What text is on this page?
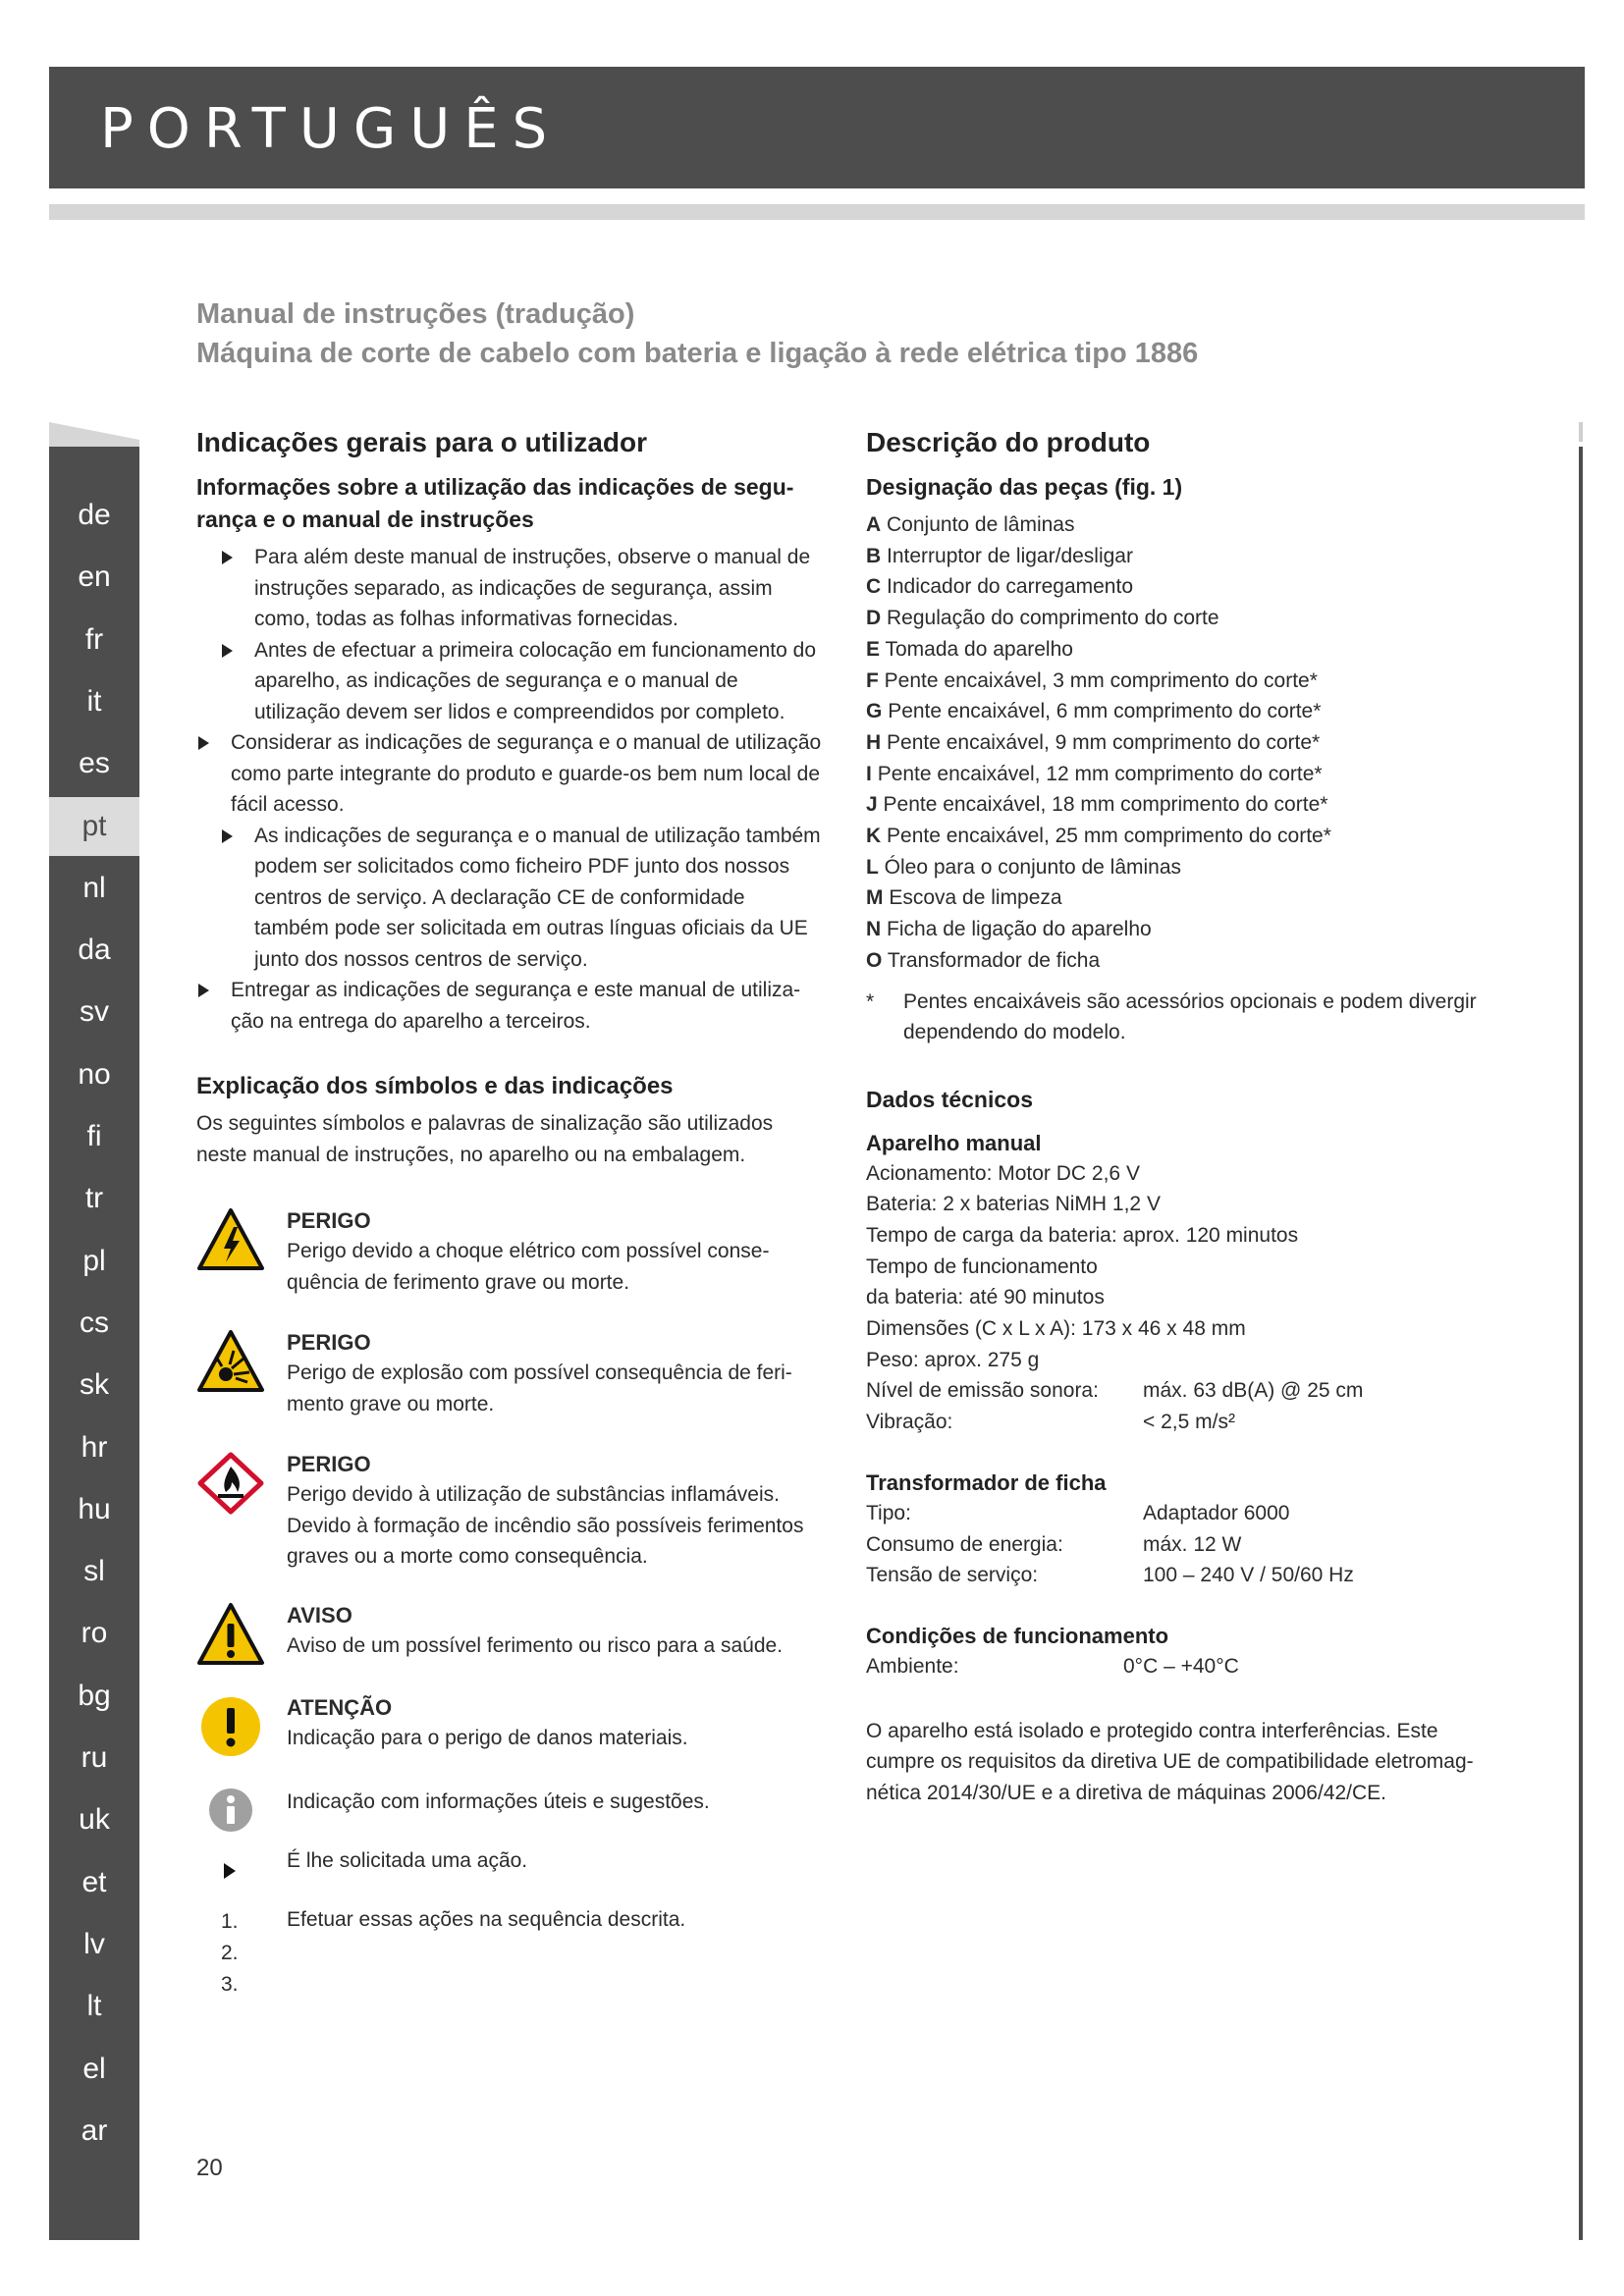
PORTUGUÊS
Manual de instruções (tradução)
Máquina de corte de cabelo com bateria e ligação à rede elétrica tipo 1886
de
en
fr
it
es
pt
nl
da
sv
no
fi
tr
pl
cs
sk
hr
hu
sl
ro
bg
ru
uk
et
lv
lt
el
ar
Indicações gerais para o utilizador
Informações sobre a utilização das indicações de segu-
rança e o manual de instruções
Para além deste manual de instruções, observe o manual de instruções separado, as indicações de segurança, assim como, todas as folhas informativas fornecidas.
Antes de efectuar a primeira colocação em funcionamento do aparelho, as indicações de segurança e o manual de utilização devem ser lidos e compreendidos por completo.
Considerar as indicações de segurança e o manual de utilização como parte integrante do produto e guarde-os bem num local de fácil acesso.
As indicações de segurança e o manual de utilização também podem ser solicitados como ficheiro PDF junto dos nossos centros de serviço. A declaração CE de conformidade também pode ser solicitada em outras línguas oficiais da UE junto dos nossos centros de serviço.
Entregar as indicações de segurança e este manual de utiliza-ção na entrega do aparelho a terceiros.
Explicação dos símbolos e das indicações

Os seguintes símbolos e palavras de sinalização são utilizados neste manual de instruções, no aparelho ou na embalagem.

PERIGO
Perigo devido a choque elétrico com possível conse-quência de ferimento grave ou morte.
PERIGO
Perigo de explosão com possível consequência de feri-mento grave ou morte.
PERIGO
Perigo devido à utilização de substâncias inflamáveis. Devido à formação de incêndio são possíveis ferimentos graves ou a morte como consequência.
AVISO
Aviso de um possível ferimento ou risco para a saúde.
ATENÇÃO
Indicação para o perigo de danos materiais.
Indicação com informações úteis e sugestões.
É lhe solicitada uma ação.
1.
2.
3.
Efetuar essas ações na sequência descrita.
20
Descrição do produto
Designação das peças (fig. 1)
A Conjunto de lâminas
B Interruptor de ligar/desligar
C Indicador do carregamento
D Regulação do comprimento do corte
E Tomada do aparelho
F Pente encaixável, 3 mm comprimento do corte*
G Pente encaixável, 6 mm comprimento do corte*
H Pente encaixável, 9 mm comprimento do corte*
I Pente encaixável, 12 mm comprimento do corte*
J Pente encaixável, 18 mm comprimento do corte*
K Pente encaixável, 25 mm comprimento do corte*
L Óleo para o conjunto de lâminas
M Escova de limpeza
N Ficha de ligação do aparelho
O Transformador de ficha
* Pentes encaixáveis são acessórios opcionais e podem divergir dependendo do modelo.
Dados técnicos
Aparelho manual
Acionamento: Motor DC 2,6 V
Bateria: 2 x baterias NiMH 1,2 V
Tempo de carga da bateria: aprox. 120 minutos
Tempo de funcionamento
da bateria: até 90 minutos
Dimensões (C x L x A): 173 x 46 x 48 mm
Peso: aprox. 275 g
Nível de emissão sonora: máx. 63 dB(A) @ 25 cm
Vibração:	< 2,5 m/s²
Transformador de ficha
Tipo:	Adaptador 6000
Consumo de energia:	máx. 12 W
Tensão de serviço:	100 – 240 V / 50/60 Hz
Condições de funcionamento
Ambiente:	0°C – +40°C

O aparelho está isolado e protegido contra interferências. Este cumpre os requisitos da diretiva UE de compatibilidade eletromag-nética 2014/30/UE e a diretiva de máquinas 2006/42/CE.
